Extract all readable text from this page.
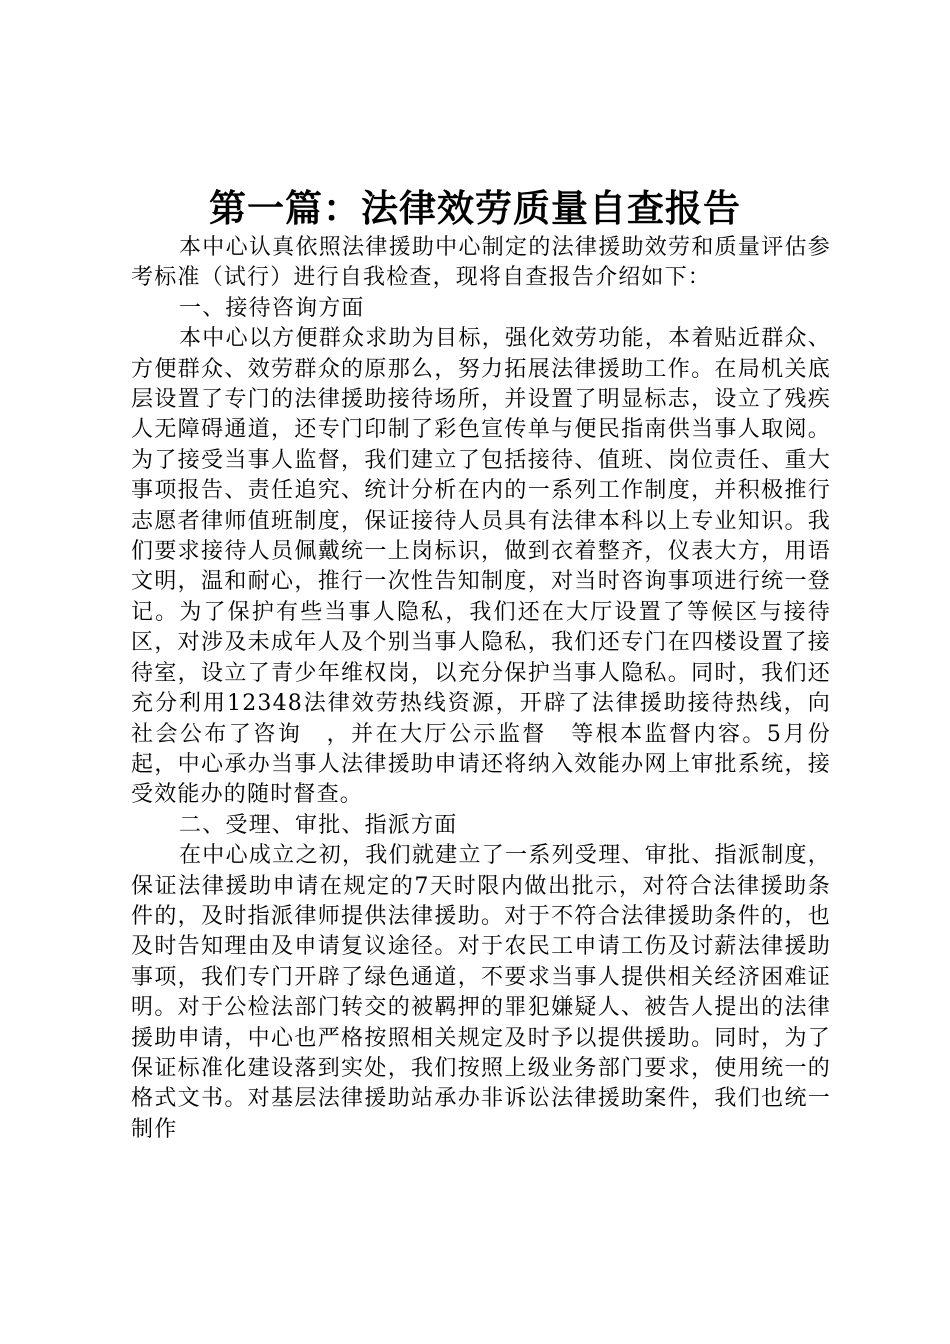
第一篇：法律效劳质量自查报告

本中心认真依照法律援助中心制定的法律援助效劳和质量评估参考标准（试行）进行自我检查，现将自查报告介绍如下：

一、接待咨询方面

本中心以方便群众求助为目标，强化效劳功能，本着贴近群众、方便群众、效劳群众的原那么，努力拓展法律援助工作。在局机关底层设置了专门的法律援助接待场所，并设置了明显标志，设立了残疾人无障碍通道，还专门印制了彩色宣传单与便民指南供当事人取阅。为了接受当事人监督，我们建立了包括接待、值班、岗位责任、重大事项报告、责任追究、统计分析在内的一系列工作制度，并积极推行志愿者律师值班制度，保证接待人员具有法律本科以上专业知识。我们要求接待人员佩戴统一上岗标识，做到衣着整齐，仪表大方，用语文明，温和耐心，推行一次性告知制度，对当时咨询事项进行统一登记。为了保护有些当事人隐私，我们还在大厅设置了等候区与接待区，对涉及未成年人及个别当事人隐私，我们还专门在四楼设置了接待室，设立了青少年维权岗，以充分保护当事人隐私。同时，我们还充分利用12348法律效劳热线资源，开辟了法律援助接待热线，向社会公布了咨询　，并在大厅公示监督　等根本监督内容。5月份起，中心承办当事人法律援助申请还将纳入效能办网上审批系统，接受效能办的随时督查。

二、受理、审批、指派方面

在中心成立之初，我们就建立了一系列受理、审批、指派制度，保证法律援助申请在规定的7天时限内做出批示，对符合法律援助条件的，及时指派律师提供法律援助。对于不符合法律援助条件的，也及时告知理由及申请复议途径。对于农民工申请工伤及讨薪法律援助事项，我们专门开辟了绿色通道，不要求当事人提供相关经济困难证明。对于公检法部门转交的被羁押的罪犯嫌疑人、被告人提出的法律援助申请，中心也严格按照相关规定及时予以提供援助。同时，为了保证标准化建设落到实处，我们按照上级业务部门要求，使用统一的格式文书。对基层法律援助站承办非诉讼法律援助案件，我们也统一制作
